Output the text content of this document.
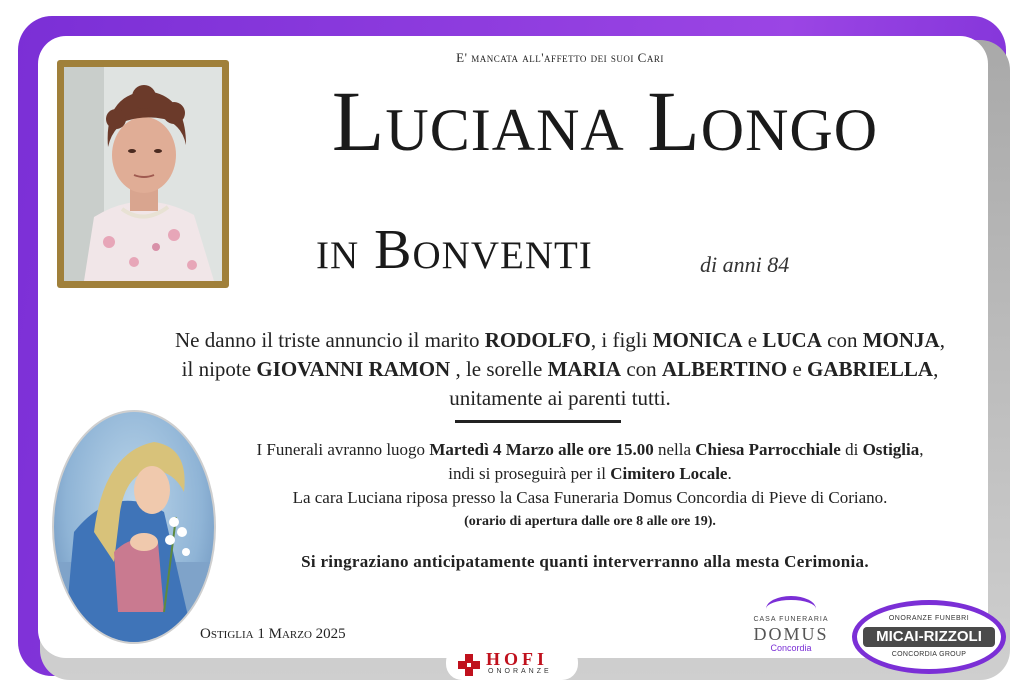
E' mancata all'affetto dei suoi Cari
Luciana Longo
in Bonventi	di anni 84
Ne danno il triste annuncio il marito RODOLFO, i figli MONICA e LUCA con MONJA,
il nipote GIOVANNI RAMON , le sorelle MARIA con ALBERTINO e GABRIELLA,
unitamente ai parenti tutti.
I Funerali avranno luogo Martedì 4 Marzo alle ore 15.00 nella Chiesa Parrocchiale di Ostiglia,
indi si proseguirà per il Cimitero Locale.
La cara Luciana riposa presso la Casa Funeraria Domus Concordia di Pieve di Coriano.
(orario di apertura dalle ore 8 alle ore 19).
Si ringraziano anticipatamente quanti interverranno alla mesta Cerimonia.
Ostiglia 1 Marzo 2025
CASA FUNERARIA
DOMUS
Concordia
ONORANZE FUNEBRI
MICAI-RIZZOLI
CONCORDIA GROUP
HOFI
ONORANZE
